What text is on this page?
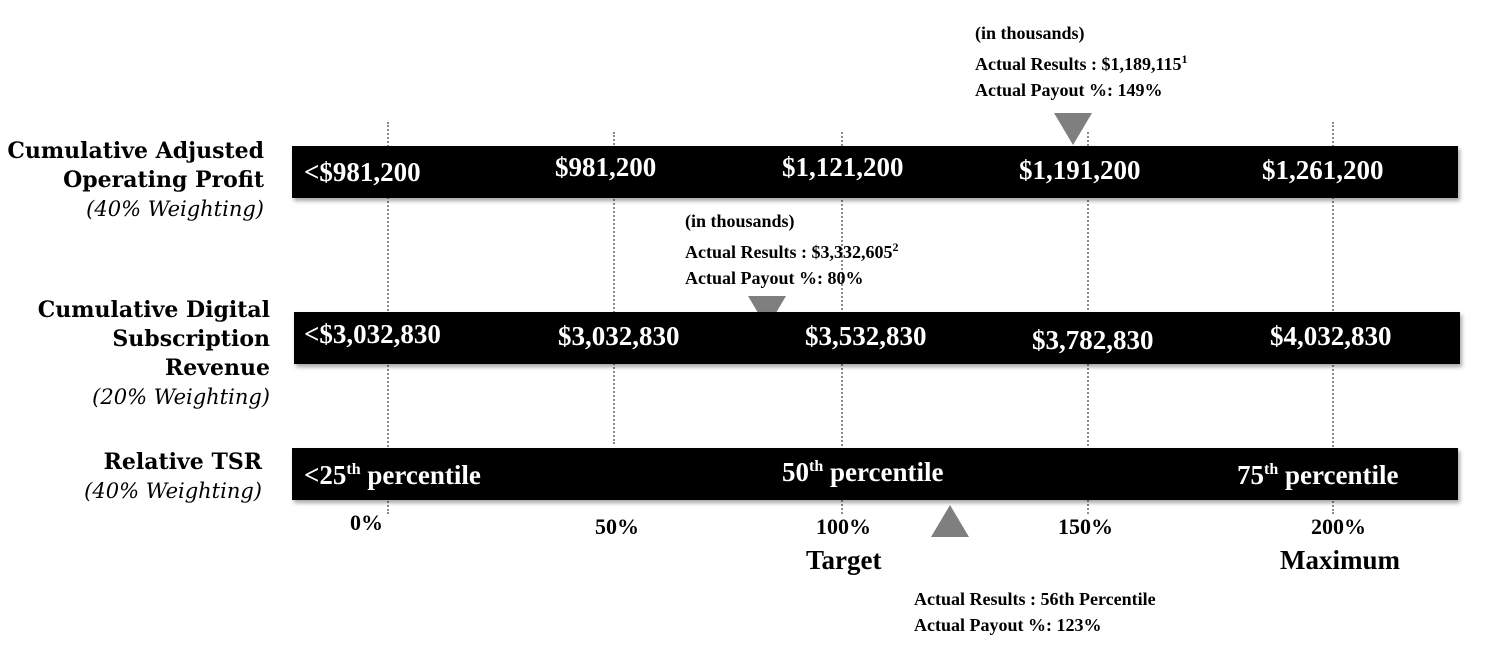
Cumulative Adjusted
Operating Profit
(40% Weighting)
(in thousands)
Actual Results : $1,189,115$^1$
Actual Payout %: 149%
<$981,200	$981,200	$1,121,200	$1,191,200	$1,261,200
Cumulative Digital
Subscription Revenue
(20% Weighting)
(in thousands)
Actual Results : $3,332,605$^2$
Actual Payout %: 80%
<$3,032,830	$3,032,830	$3,532,830	$3,782,830	$4,032,830
Relative TSR
(40% Weighting)
<25th percentile	50th percentile	75th percentile
Actual Results : 56th Percentile
Actual Payout %: 123%
0%	50%	100%	150%	200%
Target	Maximum
